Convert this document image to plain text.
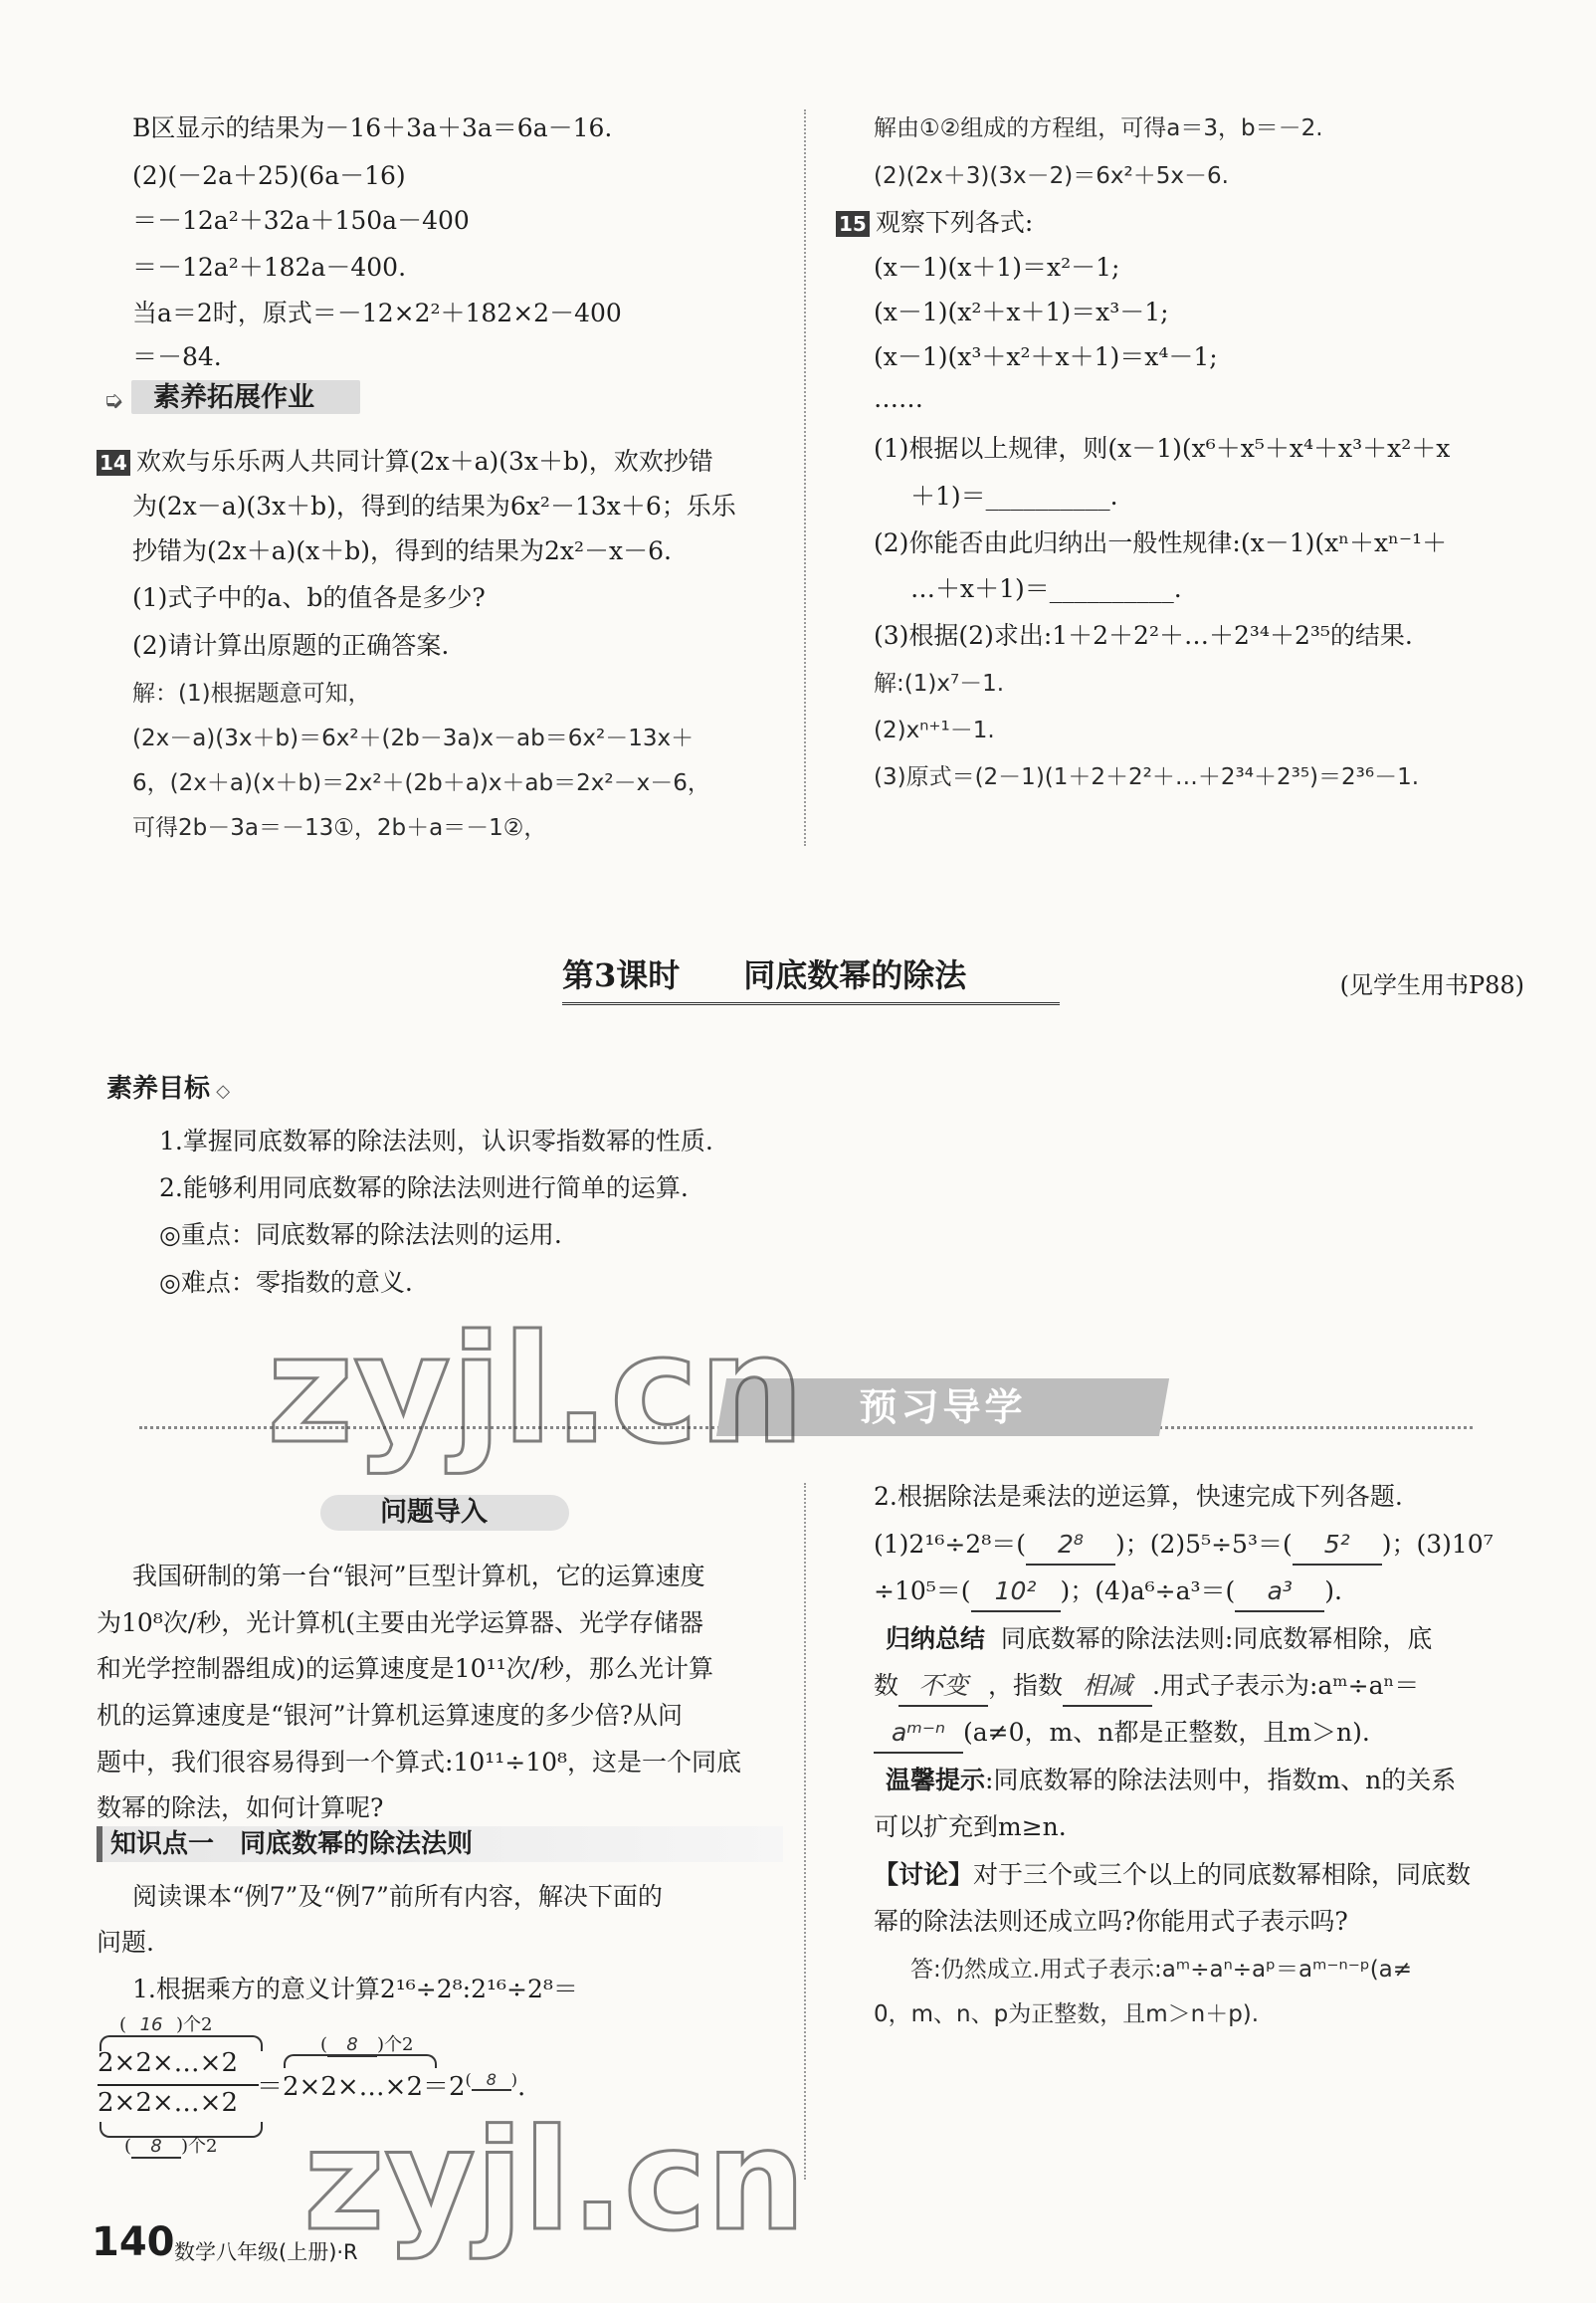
B区显示的结果为－16＋3a＋3a＝6a－16.
(2)(－2a＋25)(6a－16)
＝－12a²＋32a＋150a－400
＝－12a²＋182a－400.
当a＝2时，原式＝－12×2²＋182×2－400
＝－84.
➭ 素养拓展作业
14 欢欢与乐乐两人共同计算(2x＋a)(3x＋b)，欢欢抄错
为(2x－a)(3x＋b)，得到的结果为6x²－13x＋6；乐乐
抄错为(2x＋a)(x＋b)，得到的结果为2x²－x－6.
(1)式子中的a、b的值各是多少?
(2)请计算出原题的正确答案.
解：(1)根据题意可知，
(2x－a)(3x＋b)＝6x²＋(2b－3a)x－ab＝6x²－13x＋
6，(2x＋a)(x＋b)＝2x²＋(2b＋a)x＋ab＝2x²－x－6，
可得2b－3a＝－13①，2b＋a＝－1②，
解由①②组成的方程组，可得a＝3，b＝－2.
(2)(2x＋3)(3x－2)＝6x²＋5x－6.
15 观察下列各式:
(x－1)(x＋1)＝x²－1;
(x－1)(x²＋x＋1)＝x³－1;
(x－1)(x³＋x²＋x＋1)＝x⁴－1;
……
(1)根据以上规律，则(x－1)(x⁶＋x⁵＋x⁴＋x³＋x²＋x
＋1)＝__________.
(2)你能否由此归纳出一般性规律:(x－1)(xⁿ＋xⁿ⁻¹＋
…＋x＋1)＝__________.
(3)根据(2)求出:1＋2＋2²＋…＋2³⁴＋2³⁵的结果.
解:(1)x⁷－1.
(2)xⁿ⁺¹－1.
(3)原式＝(2－1)(1＋2＋2²＋…＋2³⁴＋2³⁵)＝2³⁶－1.
第3课时　　同底数幂的除法	(见学生用书P88)
素养目标 ◇
1.掌握同底数幂的除法法则，认识零指数幂的性质.
2.能够利用同底数幂的除法法则进行简单的运算.
◎重点：同底数幂的除法法则的运用.
◎难点：零指数的意义.
预习导学
问题导入
我国研制的第一台“银河”巨型计算机，它的运算速度
为10⁸次/秒，光计算机(主要由光学运算器、光学存储器
和光学控制器组成)的运算速度是10¹¹次/秒，那么光计算
机的运算速度是“银河”计算机运算速度的多少倍?从问
题中，我们很容易得到一个算式:10¹¹÷10⁸，这是一个同底
数幂的除法，如何计算呢?
知识点一　同底数幂的除法法则
阅读课本“例7”及“例7”前所有内容，解决下面的
问题.
1.根据乘方的意义计算2¹⁶÷2⁸:2¹⁶÷2⁸＝
( 16 )个2
2×2×…×2
2×2×…×2
( 8 )个2
( 8 )个2
$=2\times 2\times\dots\times 2=2^{( 8 )}$.
2.根据除法是乘法的逆运算，快速完成下列各题.
(1)2¹⁶÷2⁸＝( 2⁸ )；(2)5⁵÷5³＝( 5² )；(3)10⁷
÷10⁵＝( 10² )；(4)a⁶÷a³＝( a³ ).
归纳总结 同底数幂的除法法则:同底数幂相除，底
数 不变 ，指数 相减 .用式子表示为:aᵐ÷aⁿ＝
aᵐ⁻ⁿ (a≠0，m、n都是正整数，且m＞n).
温馨提示:同底数幂的除法法则中，指数m、n的关系
可以扩充到m≥n.
【讨论】对于三个或三个以上的同底数幂相除，同底数
幂的除法法则还成立吗?你能用式子表示吗?
答:仍然成立.用式子表示:aᵐ÷aⁿ÷aᵖ＝aᵐ⁻ⁿ⁻ᵖ(a≠
0，m、n、p为正整数，且m＞n＋p).
zyjl.cn
zyjl.cn
140 数学八年级(上册)·R
